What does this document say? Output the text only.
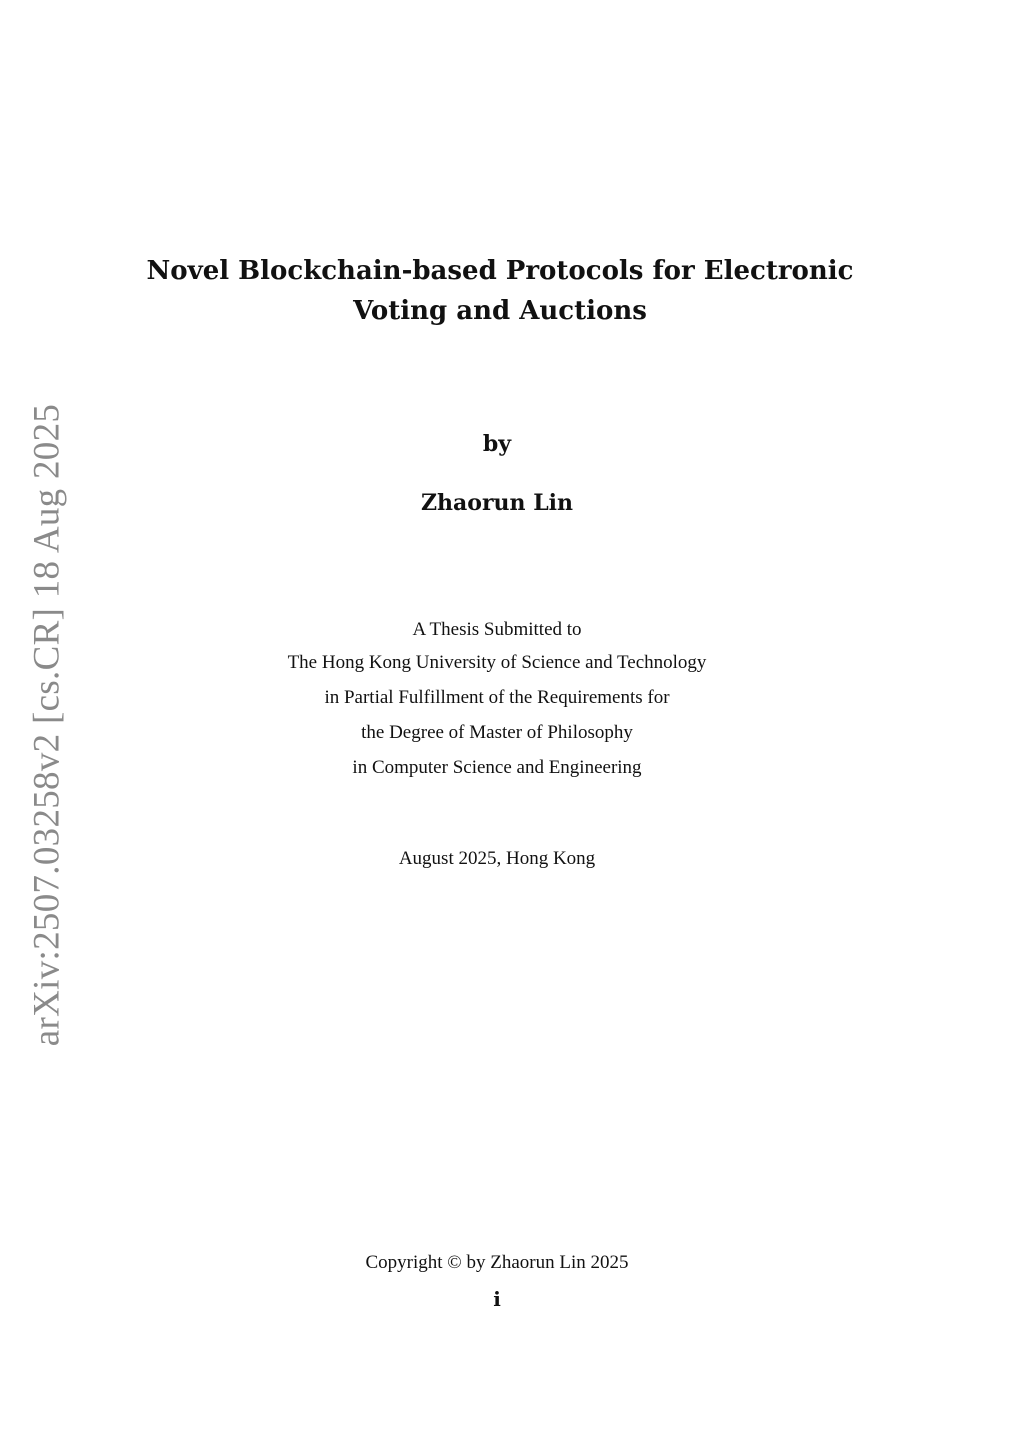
arXiv:2507.03258v2 [cs.CR] 18 Aug 2025
Novel Blockchain-based Protocols for Electronic
Voting and Auctions
by
Zhaorun Lin
A Thesis Submitted to
The Hong Kong University of Science and Technology
in Partial Fulfillment of the Requirements for
the Degree of Master of Philosophy
in Computer Science and Engineering
August 2025, Hong Kong
Copyright © by Zhaorun Lin 2025
i
